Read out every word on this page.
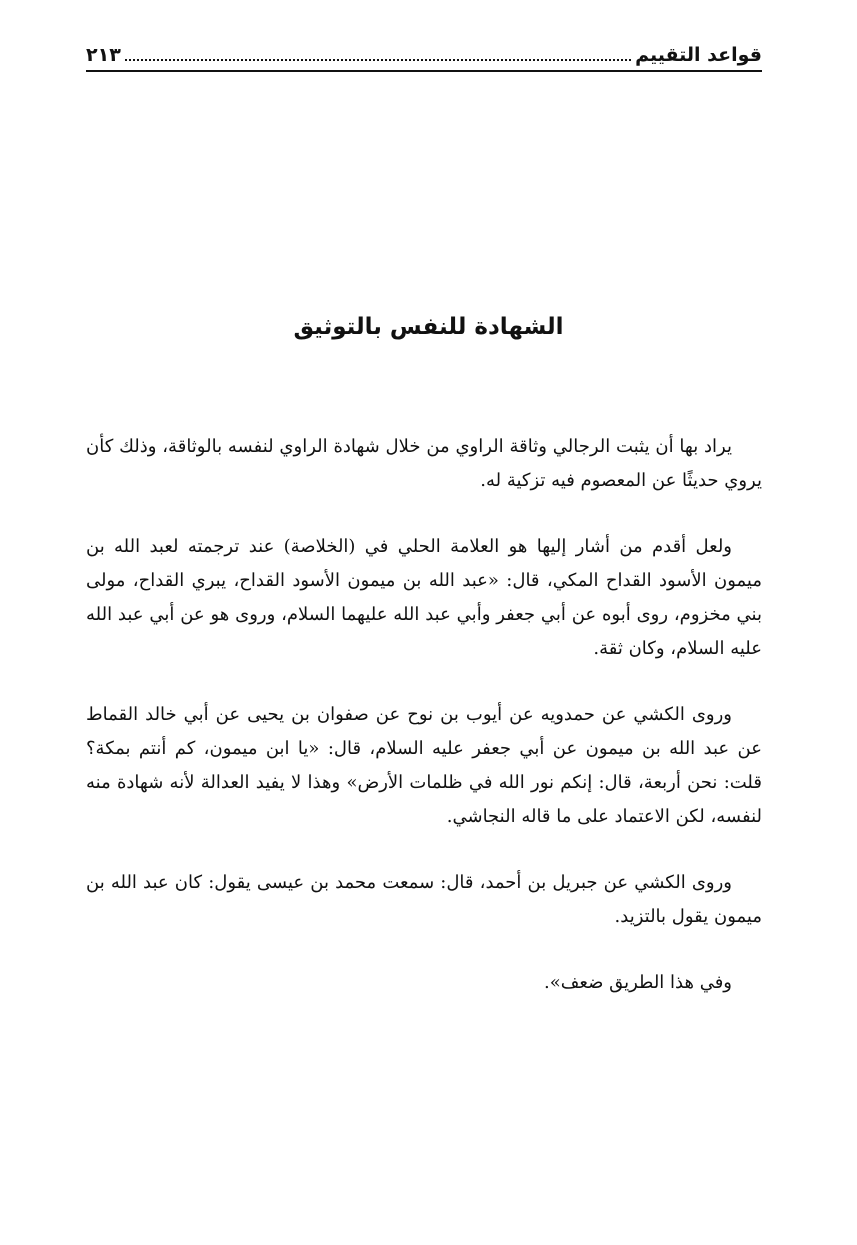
قواعد التقييم
٢١٣
الشهادة للنفس بالتوثيق

يراد بها أن يثبت الرجالي وثاقة الراوي من خلال شهادة الراوي لنفسه بالوثاقة، وذلك كأن يروي حديثًا عن المعصوم فيه تزكية له.

ولعل أقدم من أشار إليها هو العلامة الحلي في (الخلاصة) عند ترجمته لعبد الله بن ميمون الأسود القداح المكي، قال: «عبد الله بن ميمون الأسود القداح، يبري القداح، مولى بني مخزوم، روى أبوه عن أبي جعفر وأبي عبد الله عليهما السلام، وروى هو عن أبي عبد الله عليه السلام، وكان ثقة.

وروى الكشي عن حمدويه عن أيوب بن نوح عن صفوان بن يحيى عن أبي خالد القماط عن عبد الله بن ميمون عن أبي جعفر عليه السلام، قال: «يا ابن ميمون، كم أنتم بمكة؟ قلت: نحن أربعة، قال: إنكم نور الله في ظلمات الأرض» وهذا لا يفيد العدالة لأنه شهادة منه لنفسه، لكن الاعتماد على ما قاله النجاشي.

وروى الكشي عن جبريل بن أحمد، قال: سمعت محمد بن عيسى يقول: كان عبد الله بن ميمون يقول بالتزيد.

وفي هذا الطريق ضعف».
